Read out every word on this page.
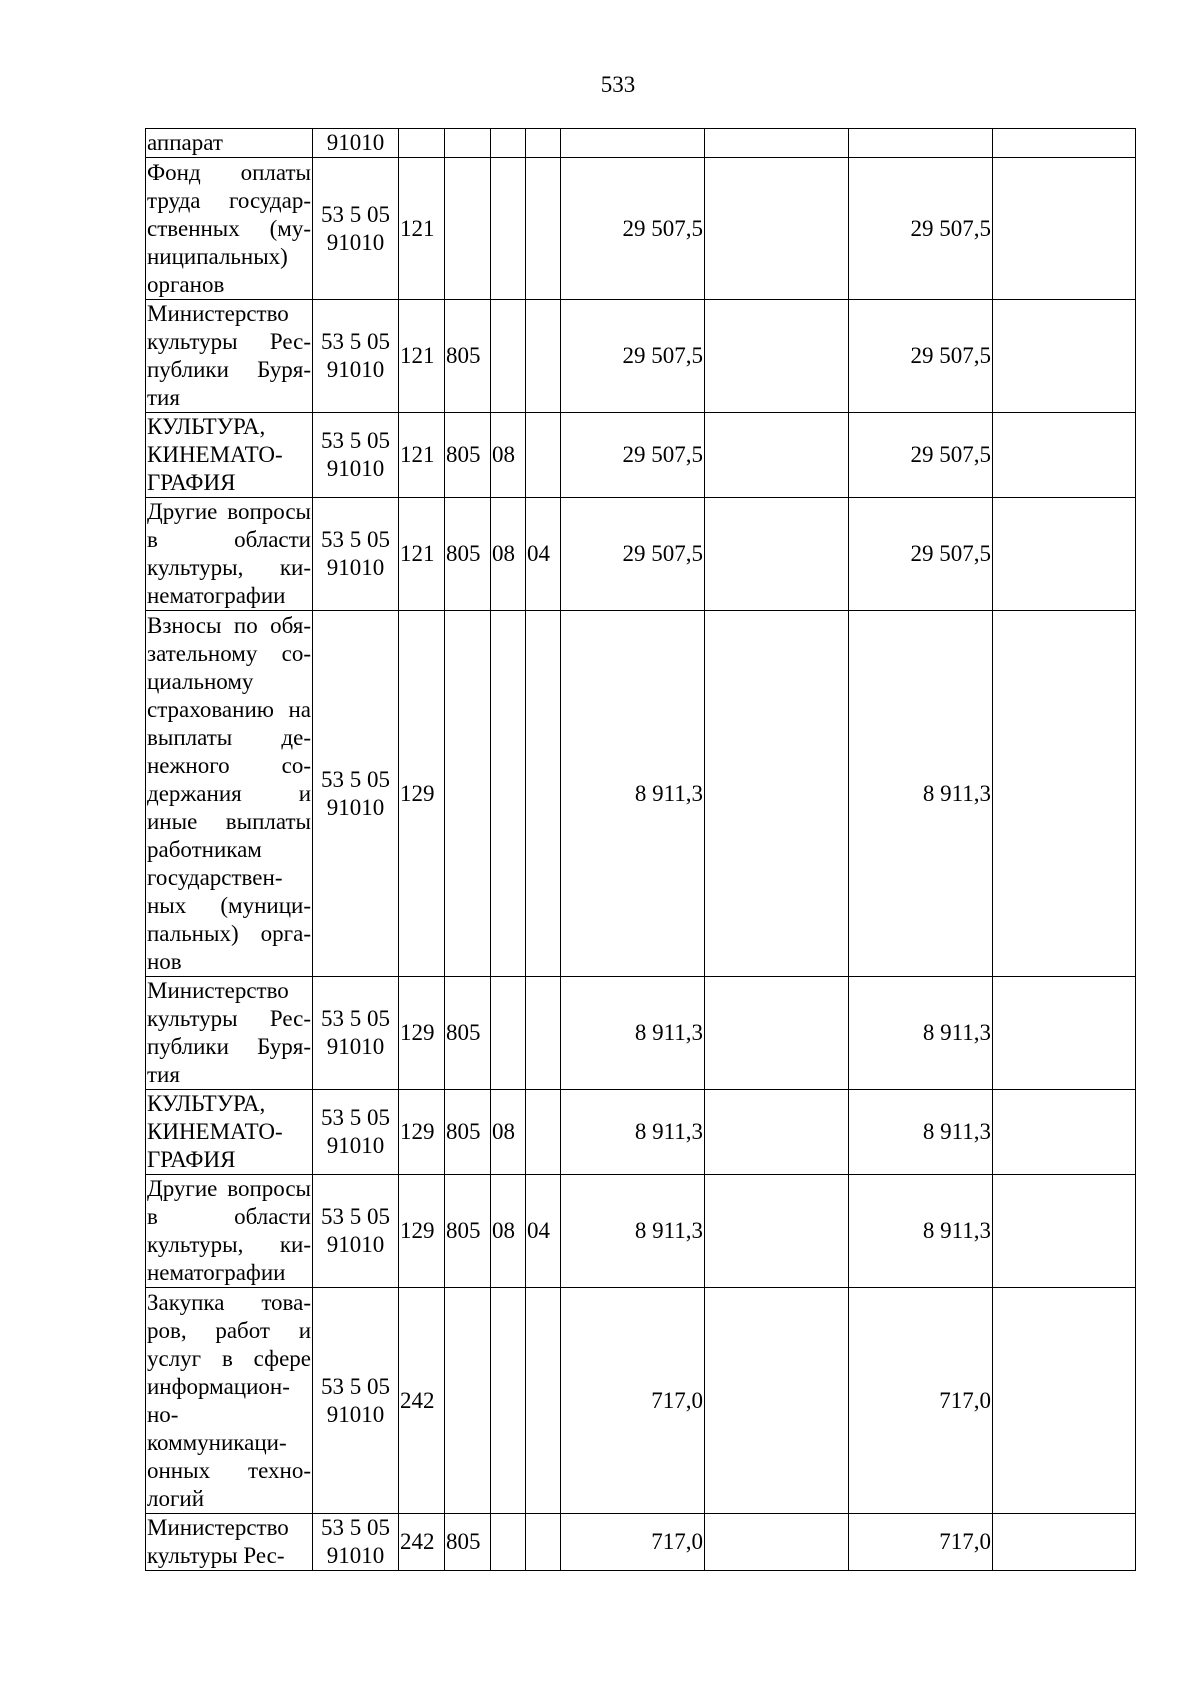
533
аппарат	91010								
Фонд оплаты труда государственных (муниципальных) органов	53 5 05 91010	121				29 507,5		29 507,5	
Министерство культуры Республики Бурятия	53 5 05 91010	121	805			29 507,5		29 507,5	
КУЛЬТУРА, КИНЕМАТОГРАФИЯ	53 5 05 91010	121	805	08		29 507,5		29 507,5	
Другие вопросы в области культуры, кинематографии	53 5 05 91010	121	805	08	04	29 507,5		29 507,5	
Взносы по обязательному социальному страхованию на выплаты денежного содержания и иные выплаты работникам государственных (муниципальных) органов	53 5 05 91010	129				8 911,3		8 911,3	
Министерство культуры Республики Бурятия	53 5 05 91010	129	805			8 911,3		8 911,3	
КУЛЬТУРА, КИНЕМАТОГРАФИЯ	53 5 05 91010	129	805	08		8 911,3		8 911,3	
Другие вопросы в области культуры, кинематографии	53 5 05 91010	129	805	08	04	8 911,3		8 911,3	
Закупка товаров, работ и услуг в сфере информационно-коммуникационных технологий	53 5 05 91010	242				717,0		717,0	
Министерство культуры Рес-	53 5 05 91010	242	805			717,0		717,0	
